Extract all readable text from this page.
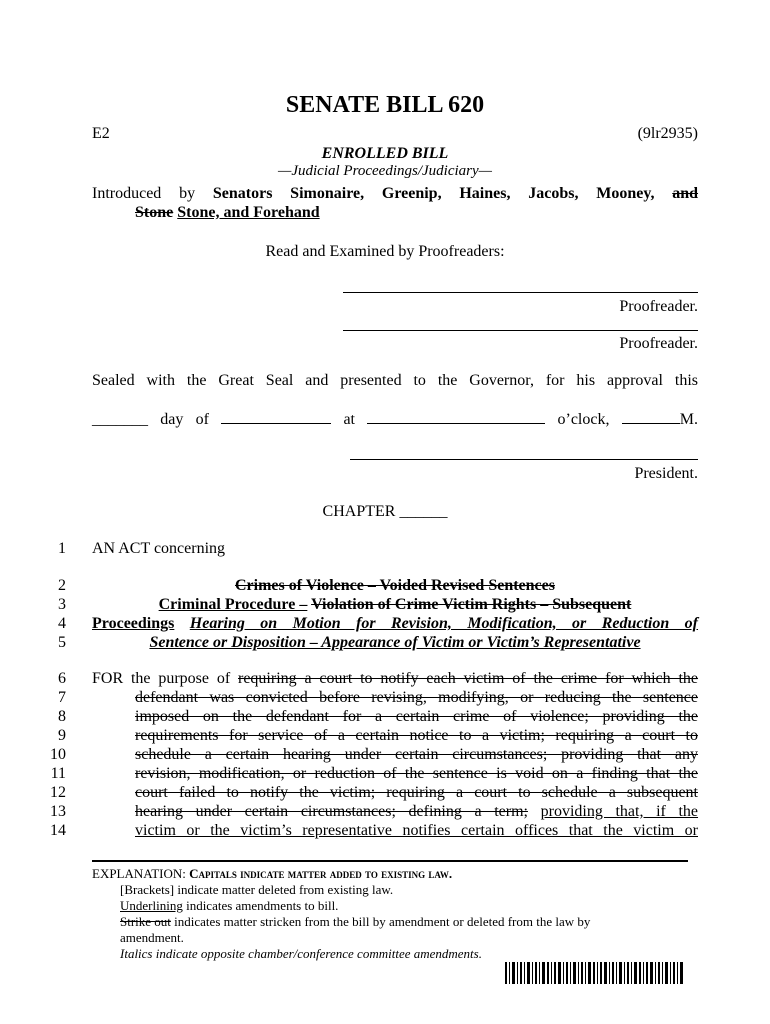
SENATE BILL 620
E2	(9lr2935)
ENROLLED BILL
—Judicial Proceedings/Judiciary—
Introduced by Senators Simonaire, Greenip, Haines, Jacobs, Mooney, and
Stone Stone, and Forehand
Read and Examined by Proofreaders:
Proofreader.
Proofreader.
Sealed with the Great Seal and presented to the Governor, for his approval this
_______ day of	at	o’clock,	M.
President.
CHAPTER ______
1
2
3
4
5
6
7
8
9
10
11
12
13
14
AN ACT concerning
Crimes of Violence – Voided Revised Sentences
Criminal Procedure – Violation of Crime Victim Rights – Subsequent
Proceedings Hearing on Motion for Revision, Modification, or Reduction of
Sentence or Disposition – Appearance of Victim or Victim’s Representative
FOR the purpose of requiring a court to notify each victim of the crime for which the
defendant was convicted before revising, modifying, or reducing the sentence
imposed on the defendant for a certain crime of violence; providing the
requirements for service of a certain notice to a victim; requiring a court to
schedule a certain hearing under certain circumstances; providing that any
revision, modification, or reduction of the sentence is void on a finding that the
court failed to notify the victim; requiring a court to schedule a subsequent
hearing under certain circumstances; defining a term; providing that, if the
victim or the victim’s representative notifies certain offices that the victim or
EXPLANATION: Capitals indicate matter added to existing law.
[Brackets] indicate matter deleted from existing law.
Underlining indicates amendments to bill.
Strike out indicates matter stricken from the bill by amendment or deleted from the law by
amendment.
Italics indicate opposite chamber/conference committee amendments.
